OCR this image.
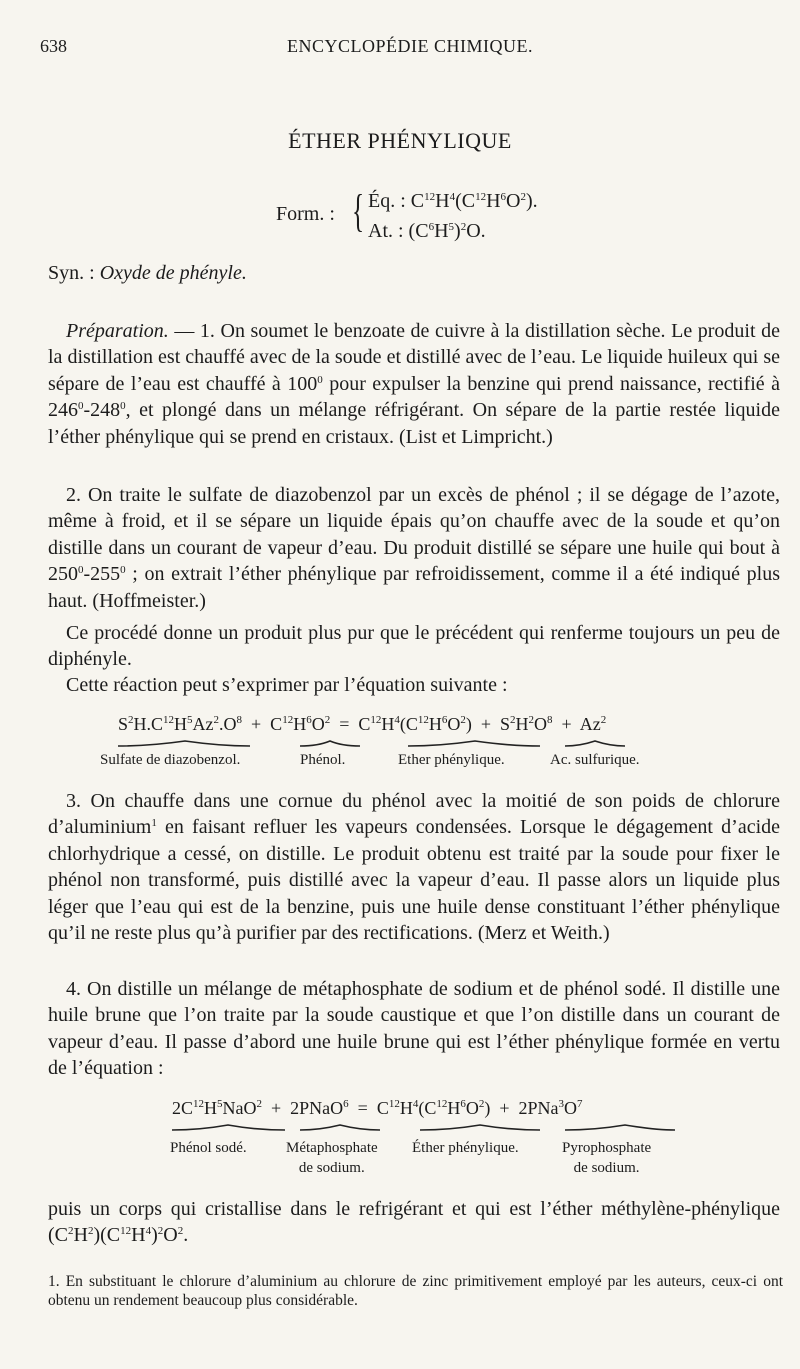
638	ENCYCLOPÉDIE CHIMIQUE.
ÉTHER PHÉNYLIQUE
Form. : { Éq. : $C^{12}H^4(C^{12}H^6O^2)$.
At. : $(C^6H^5)^2O$.
Syn. : Oxyde de phényle.

Préparation. — 1. On soumet le benzoate de cuivre à la distillation sèche. Le produit de la distillation est chauffé avec de la soude et distillé avec de l’eau. Le liquide huileux qui se sépare de l’eau est chauffé à $100^0$ pour expulser la benzine qui prend naissance, rectifié à $246^0-248^0$, et plongé dans un mélange réfrigérant. On sépare de la partie restée liquide l’éther phénylique qui se prend en cristaux. (List et Limpricht.)

2. On traite le sulfate de diazobenzol par un excès de phénol ; il se dégage de l’azote, même à froid, et il se sépare un liquide épais qu’on chauffe avec de la soude et qu’on distille dans un courant de vapeur d’eau. Du produit distillé se sépare une huile qui bout à $250^0-255^0$ ; on extrait l’éther phénylique par refroidissement, comme il a été indiqué plus haut. (Hoffmeister.)

Ce procédé donne un produit plus pur que le précédent qui renferme toujours un peu de diphényle.

Cette réaction peut s’exprimer par l’équation suivante :

$S^2H.C^{12}H^5Az^2.O^8 + C^{12}H^6O^2 = C^{12}H^4(C^{12}H^6O^2) + S^2H^2O^8 + Az^2$
Sulfate de diazobenzol.	Phénol.	Ether phénylique.	Ac. sulfurique.

3. On chauffe dans une cornue du phénol avec la moitié de son poids de chlorure d’aluminium$^1$ en faisant refluer les vapeurs condensées. Lorsque le dégagement d’acide chlorhydrique a cessé, on distille. Le produit obtenu est traité par la soude pour fixer le phénol non transformé, puis distillé avec la vapeur d’eau. Il passe alors un liquide plus léger que l’eau qui est de la benzine, puis une huile dense constituant l’éther phénylique qu’il ne reste plus qu’à purifier par des rectifications. (Merz et Weith.)

4. On distille un mélange de métaphosphate de sodium et de phénol sodé. Il distille une huile brune que l’on traite par la soude caustique et que l’on distille dans un courant de vapeur d’eau. Il passe d’abord une huile brune qui est l’éther phénylique formée en vertu de l’équation :

$2C^{12}H^5NaO^2$  +  2PNaO$^6$  =  $C^{12}H^4(C^{12}H^6O^2) + 2PNa^3O^7$
Phénol sodé.	Métaphosphate
de sodium.
Éther phénylique.	Pyrophosphate
de sodium.

puis un corps qui cristallise dans le refrigérant et qui est l’éther méthylène-phénylique $(C^2H^2)(C^{12}H^4)^2O^2$.

1. En substituant le chlorure d’aluminium au chlorure de zinc primitivement employé par les auteurs, ceux-ci ont obtenu un rendement beaucoup plus considérable.
